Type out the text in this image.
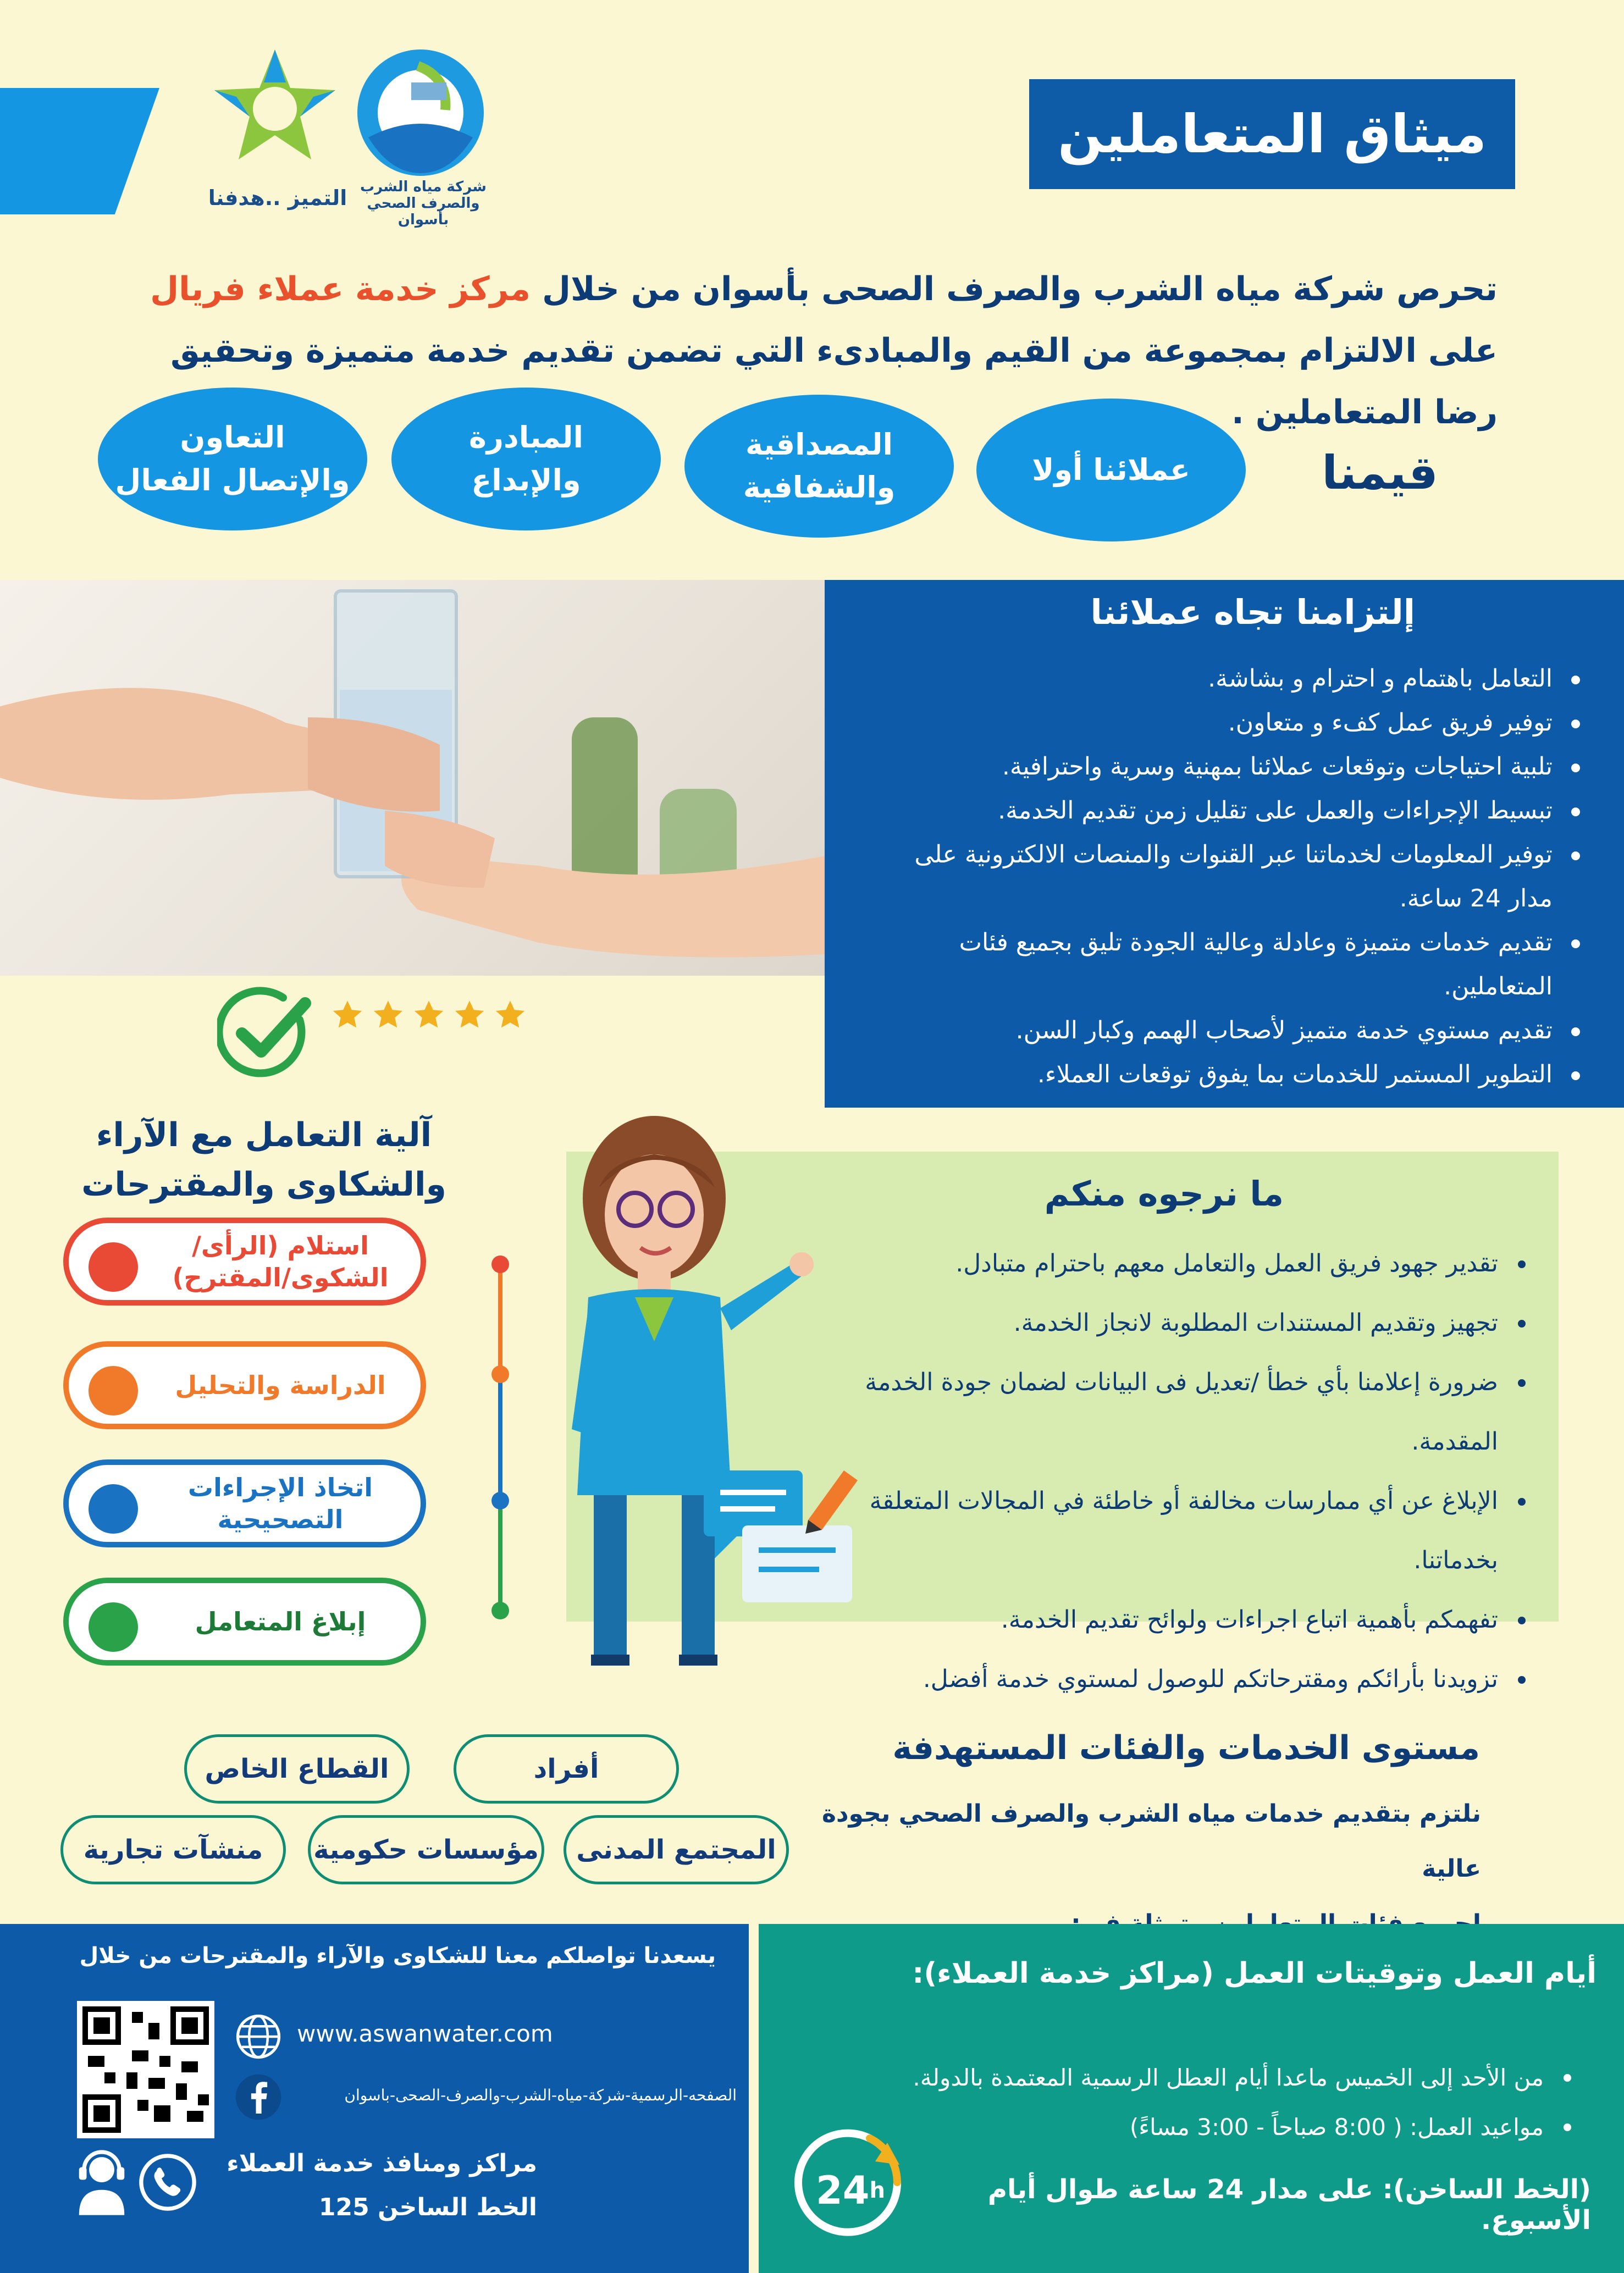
التميز ..هدفنا شركة مياه الشرب والصرف الصحي بأسوان
ميثاق المتعاملين
تحرص شركة مياه الشرب والصرف الصحى بأسوان من خلال مركز خدمة عملاء فريال
على الالتزام بمجموعة من القيم والمبادىء التي تضمن تقديم خدمة متميزة وتحقيق رضا المتعاملين .
قيمنا
عملائنا أولا
المصداقية
والشفافية
المبادرة
والإبداع
التعاون
والإتصال الفعال
إلتزامنا تجاه عملائنا
التعامل باهتمام و احترام و بشاشة.
توفير فريق عمل كفء و متعاون.
تلبية احتياجات وتوقعات عملائنا بمهنية وسرية واحترافية.
تبسيط الإجراءات والعمل على تقليل زمن تقديم الخدمة.
توفير المعلومات لخدماتنا عبر القنوات والمنصات الالكترونية على مدار 24 ساعة.
تقديم خدمات متميزة وعادلة وعالية الجودة تليق بجميع فئات المتعاملين.
تقديم مستوي خدمة متميز لأصحاب الهمم وكبار السن.
التطوير المستمر للخدمات بما يفوق توقعات العملاء.
آلية التعامل مع الآراء
والشكاوى والمقترحات
استلام (الرأى/
الشكوى/المقترح)
الدراسة والتحليل
اتخاذ الإجراءات
التصحيحية
إبلاغ المتعامل
ما نرجوه منكم
تقدير جهود فريق العمل والتعامل معهم باحترام متبادل.
تجهيز وتقديم المستندات المطلوبة لانجاز الخدمة.
ضرورة إعلامنا بأي خطأ /تعديل فى البيانات لضمان جودة الخدمة المقدمة.
الإبلاغ عن أي ممارسات مخالفة أو خاطئة في المجالات المتعلقة بخدماتنا.
تفهمكم بأهمية اتباع اجراءات ولوائح تقديم الخدمة.
تزويدنا بأرائكم ومقترحاتكم للوصول لمستوي خدمة أفضل.
مستوى الخدمات والفئات المستهدفة
نلتزم بتقديم خدمات مياه الشرب والصرف الصحي بجودة عالية
أفراد
القطاع الخاص
المجتمع المدنى
مؤسسات حكومية
منشآت تجارية
يسعدنا تواصلكم معنا للشكاوى والآراء والمقترحات من خلال
www.aswanwater.com
الصفحه-الرسمية-شركة-مياه-الشرب-والصرف-الصحى-باسوان
مراكز ومنافذ خدمة العملاء
الخط الساخن 125
أيام العمل وتوقيتات العمل (مراكز خدمة العملاء):
من الأحد إلى الخميس ماعدا أيام العطل الرسمية المعتمدة بالدولة.
مواعيد العمل: ( 8:00 صباحاً - 3:00 مساءً)
(الخط الساخن): على مدار 24 ساعة طوال أيام الأسبوع.
24 h
